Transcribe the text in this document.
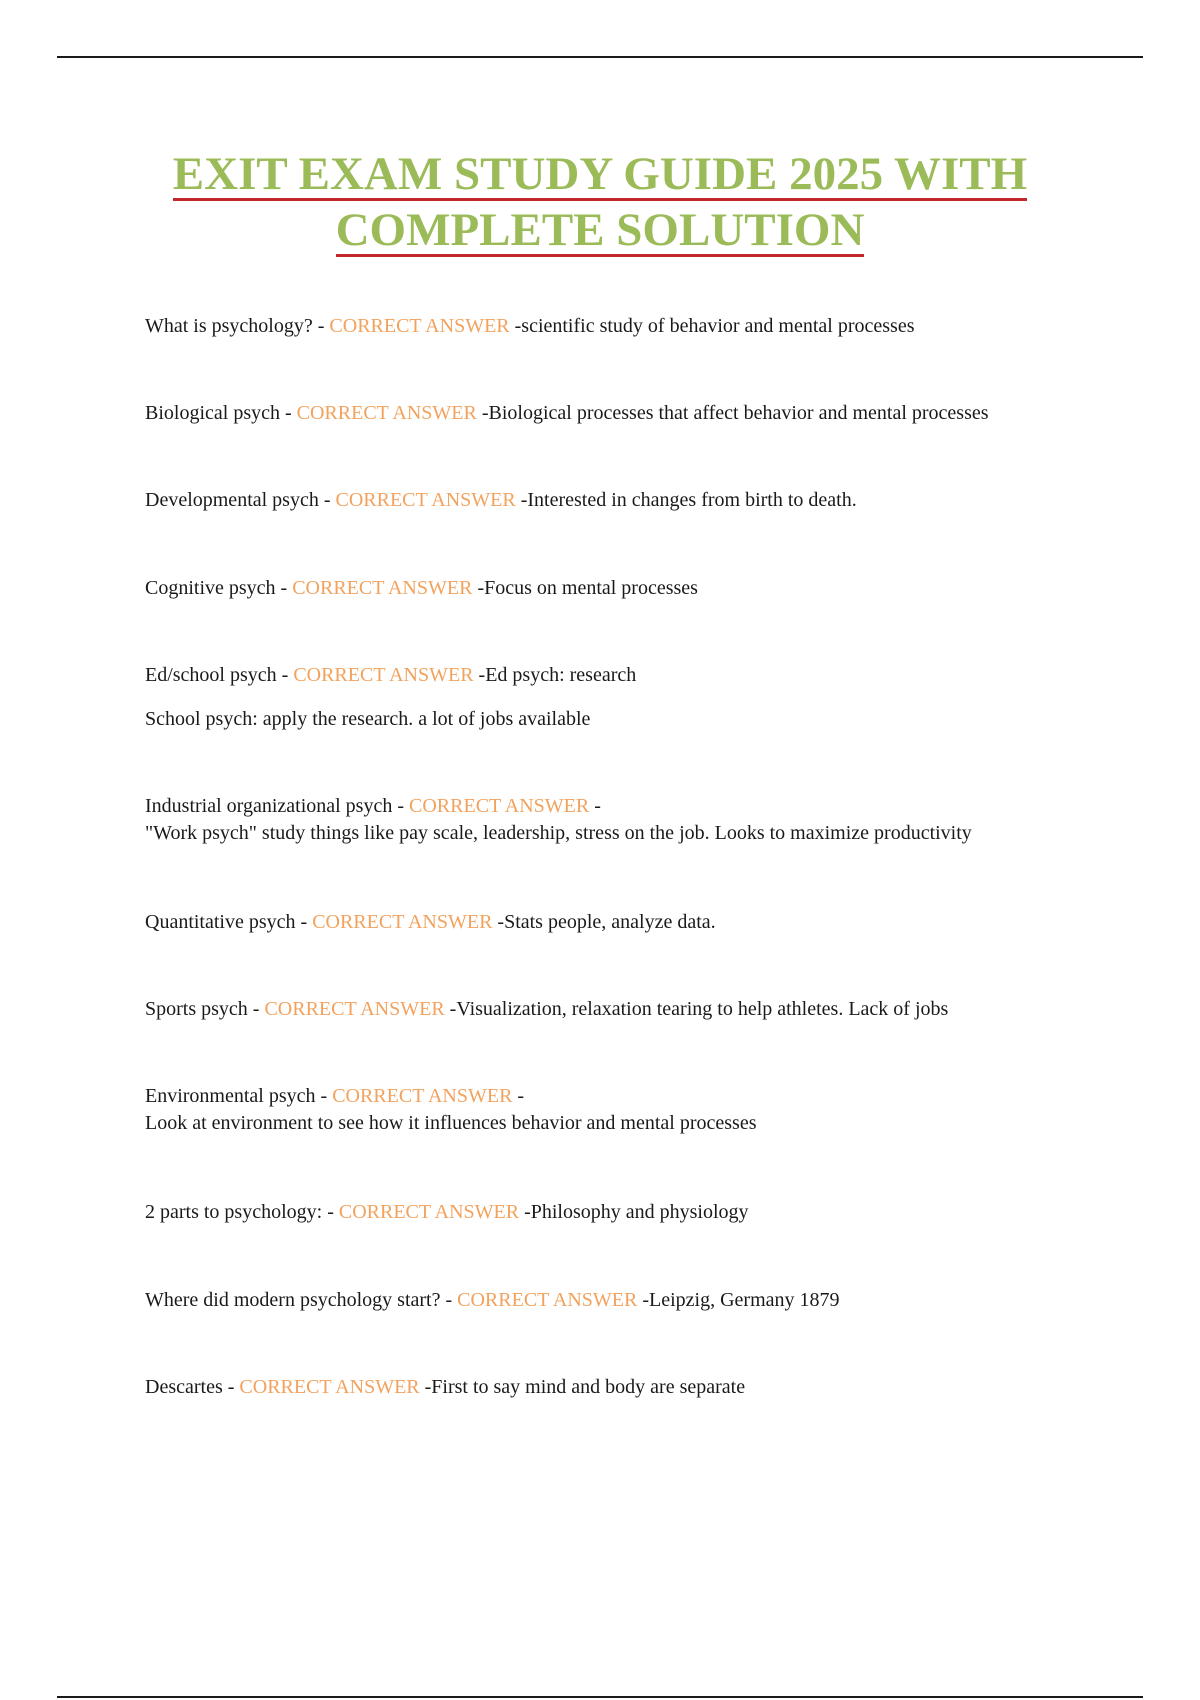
EXIT EXAM STUDY GUIDE 2025 WITH
COMPLETE SOLUTION

What is psychology? - CORRECT ANSWER -scientific study of behavior and mental processes

Biological psych - CORRECT ANSWER -Biological processes that affect behavior and mental processes

Developmental psych - CORRECT ANSWER -Interested in changes from birth to death.

Cognitive psych - CORRECT ANSWER -Focus on mental processes

Ed/school psych - CORRECT ANSWER -Ed psych: research

School psych: apply the research. a lot of jobs available

Industrial organizational psych - CORRECT ANSWER -

"Work psych" study things like pay scale, leadership, stress on the job. Looks to maximize productivity

Quantitative psych - CORRECT ANSWER -Stats people, analyze data.

Sports psych - CORRECT ANSWER -Visualization, relaxation tearing to help athletes. Lack of jobs

Environmental psych - CORRECT ANSWER -

Look at environment to see how it influences behavior and mental processes

2 parts to psychology: - CORRECT ANSWER -Philosophy and physiology

Where did modern psychology start? - CORRECT ANSWER -Leipzig, Germany 1879

Descartes - CORRECT ANSWER -First to say mind and body are separate
